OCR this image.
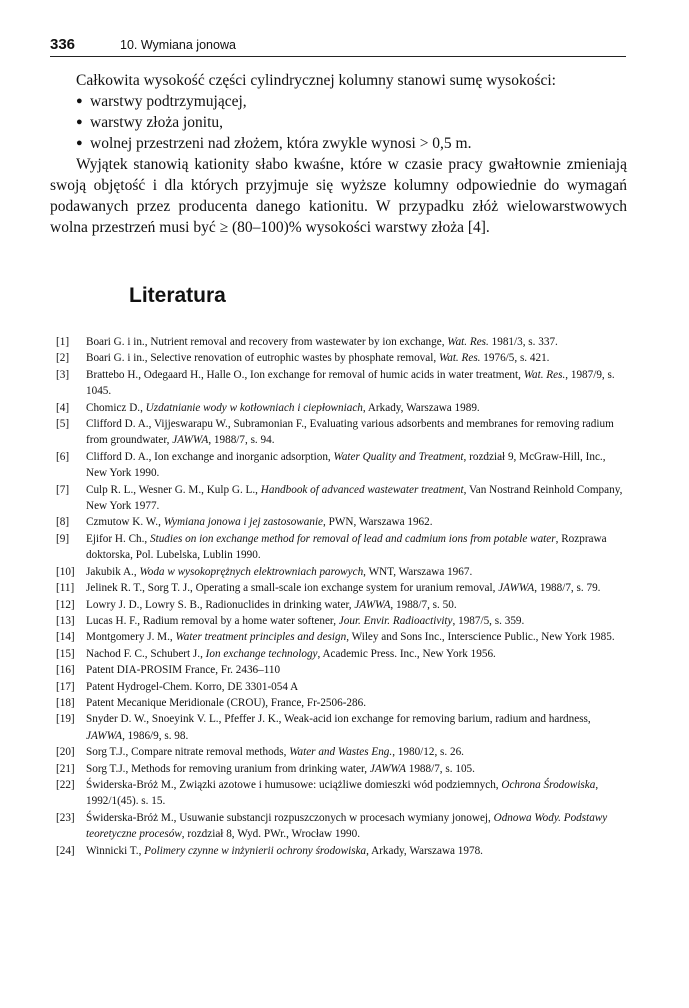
336	10. Wymiana jonowa

Całkowita wysokość części cylindrycznej kolumny stanowi sumę wysokości:

● warstwy podtrzymującej,
● warstwy złoża jonitu,
● wolnej przestrzeni nad złożem, która zwykle wynosi > 0,5 m.

Wyjątek stanowią kationity słabo kwaśne, które w czasie pracy gwałtownie zmieniają swoją objętość i dla których przyjmuje się wyższe kolumny odpowiednie do wymagań podawanych przez producenta danego kationitu. W przypadku złóż wielowarstwowych wolna przestrzeń musi być ≥ (80–100)% wysokości warstwy złoża [4].

Literatura
[1] Boari G. i in., Nutrient removal and recovery from wastewater by ion exchange, Wat. Res. 1981/3, s. 337.
[2] Boari G. i in., Selective renovation of eutrophic wastes by phosphate removal, Wat. Res. 1976/5, s. 421.
[3] Brattebo H., Odegaard H., Halle O., Ion exchange for removal of humic acids in water treatment, Wat. Res., 1987/9, s. 1045.
[4] Chomicz D., Uzdatnianie wody w kotłowniach i ciepłowniach, Arkady, Warszawa 1989.
[5] Clifford D. A., Vijjeswarapu W., Subramonian F., Evaluating various adsorbents and membranes for removing radium from groundwater, JAWWA, 1988/7, s. 94.
[6] Clifford D. A., Ion exchange and inorganic adsorption, Water Quality and Treatment, rozdział 9, McGraw-Hill, Inc., New York 1990.
[7] Culp R. L., Wesner G. M., Kulp G. L., Handbook of advanced wastewater treatment, Van Nostrand Reinhold Company, New York 1977.
[8] Czmutow K. W., Wymiana jonowa i jej zastosowanie, PWN, Warszawa 1962.
[9] Ejifor H. Ch., Studies on ion exchange method for removal of lead and cadmium ions from potable water, Rozprawa doktorska, Pol. Lubelska, Lublin 1990.
[10] Jakubik A., Woda w wysokoprężnych elektrowniach parowych, WNT, Warszawa 1967.
[11] Jelinek R. T., Sorg T. J., Operating a small-scale ion exchange system for uranium removal, JAWWA, 1988/7, s. 79.
[12] Lowry J. D., Lowry S. B., Radionuclides in drinking water, JAWWA, 1988/7, s. 50.
[13] Lucas H. F., Radium removal by a home water softener, Jour. Envir. Radioactivity, 1987/5, s. 359.
[14] Montgomery J. M., Water treatment principles and design, Wiley and Sons Inc., Interscience Public., New York 1985.
[15] Nachod F. C., Schubert J., Ion exchange technology, Academic Press. Inc., New York 1956.
[16] Patent DIA-PROSIM France, Fr. 2436–110
[17] Patent Hydrogel-Chem. Korro, DE 3301-054 A
[18] Patent Mecanique Meridionale (CROU), France, Fr-2506-286.
[19] Snyder D. W., Snoeyink V. L., Pfeffer J. K., Weak-acid ion exchange for removing barium, radium and hardness, JAWWA, 1986/9, s. 98.
[20] Sorg T.J., Compare nitrate removal methods, Water and Wastes Eng., 1980/12, s. 26.
[21] Sorg T.J., Methods for removing uranium from drinking water, JAWWA 1988/7, s. 105.
[22] Świderska-Bróż M., Związki azotowe i humusowe: uciążliwe domieszki wód podziemnych, Ochrona Środowiska, 1992/1(45). s. 15.
[23] Świderska-Bróż M., Usuwanie substancji rozpuszczonych w procesach wymiany jonowej, Odnowa Wody. Podstawy teoretyczne procesów, rozdział 8, Wyd. PWr., Wrocław 1990.
[24] Winnicki T., Polimery czynne w inżynierii ochrony środowiska, Arkady, Warszawa 1978.
